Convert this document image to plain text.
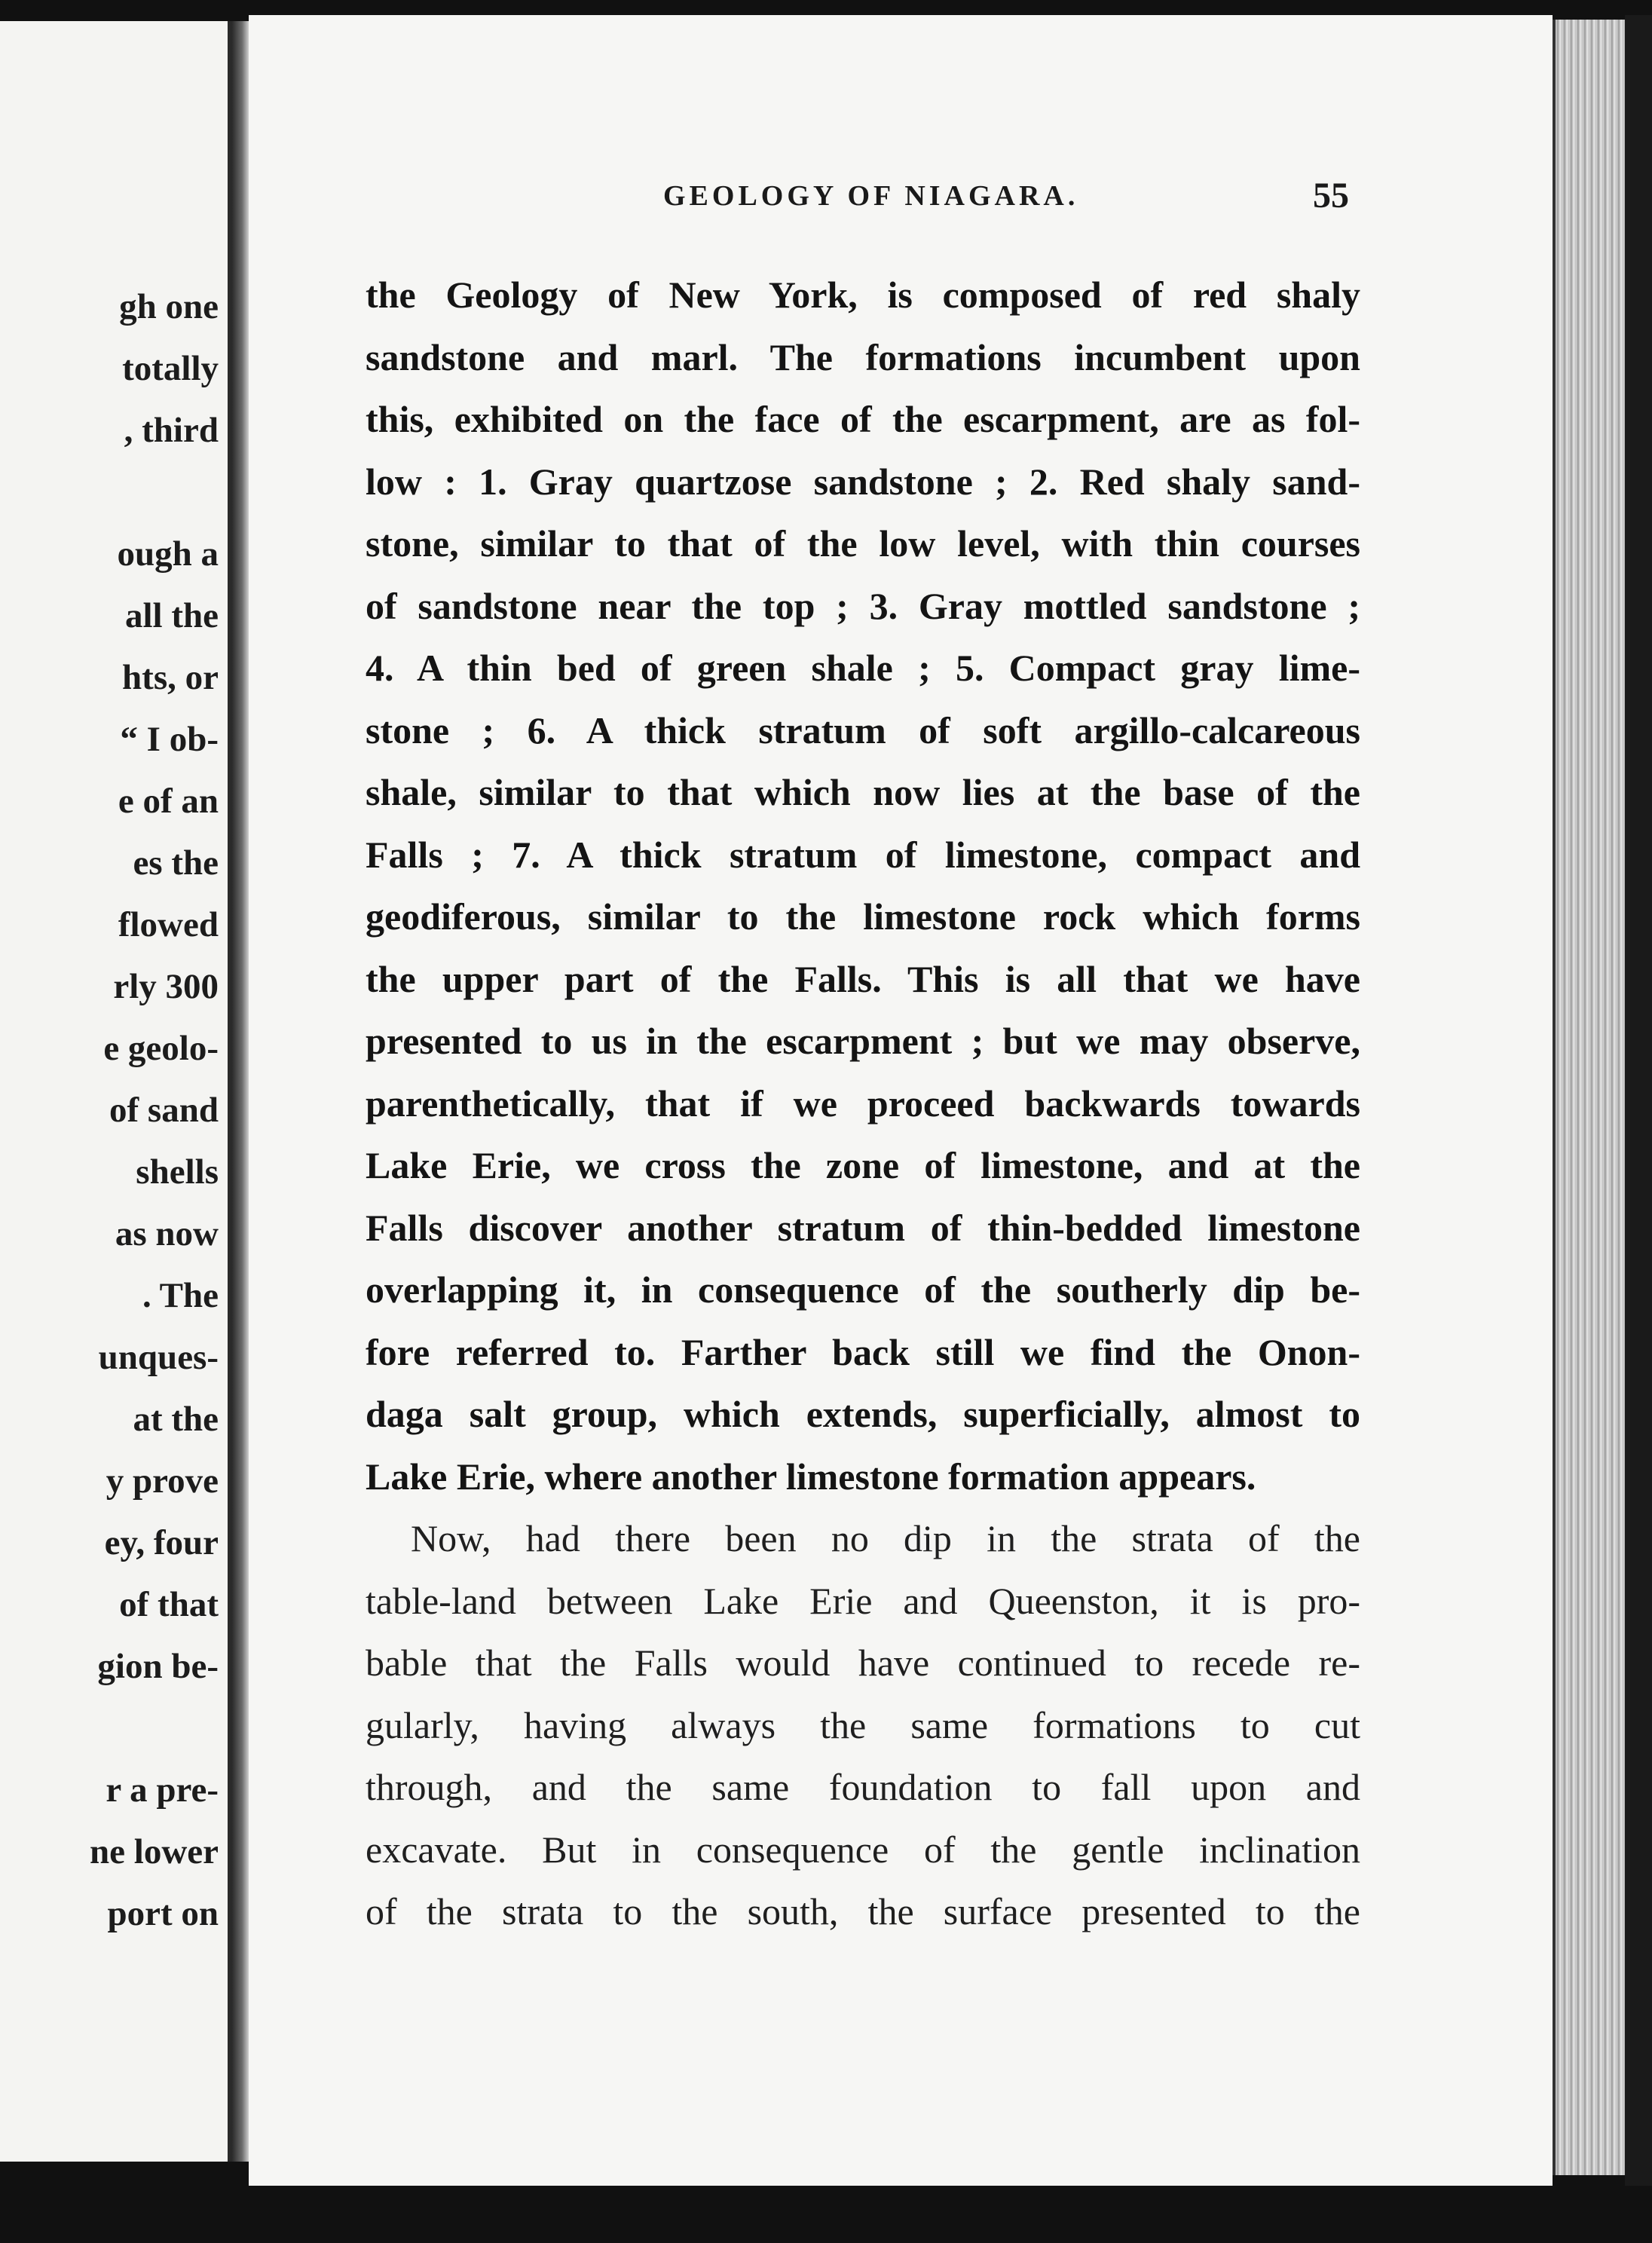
gh one
totally
, third
ough a
all the
hts, or
“ I ob-
e of an
es the
flowed
rly 300
e geolo-
of sand
shells
as now
. The
unques-
at the
y prove
ey, four
of that
gion be-
r a pre-
ne lower
port on
GEOLOGY OF NIAGARA.	55
the Geology of New York, is composed of red shaly
sandstone and marl. The formations incumbent upon
this, exhibited on the face of the escarpment, are as fol-
low : 1. Gray quartzose sandstone ; 2. Red shaly sand-
stone, similar to that of the low level, with thin courses
of sandstone near the top ; 3. Gray mottled sandstone ;
4. A thin bed of green shale ; 5. Compact gray lime-
stone ; 6. A thick stratum of soft argillo-calcareous
shale, similar to that which now lies at the base of the
Falls ; 7. A thick stratum of limestone, compact and
geodiferous, similar to the limestone rock which forms
the upper part of the Falls. This is all that we have
presented to us in the escarpment ; but we may observe,
parenthetically, that if we proceed backwards towards
Lake Erie, we cross the zone of limestone, and at the
Falls discover another stratum of thin-bedded limestone
overlapping it, in consequence of the southerly dip be-
fore referred to. Farther back still we find the Onon-
daga salt group, which extends, superficially, almost to
Lake Erie, where another limestone formation appears.
Now, had there been no dip in the strata of the
table-land between Lake Erie and Queenston, it is pro-
bable that the Falls would have continued to recede re-
gularly, having always the same formations to cut
through, and the same foundation to fall upon and
excavate. But in consequence of the gentle inclination
of the strata to the south, the surface presented to the
